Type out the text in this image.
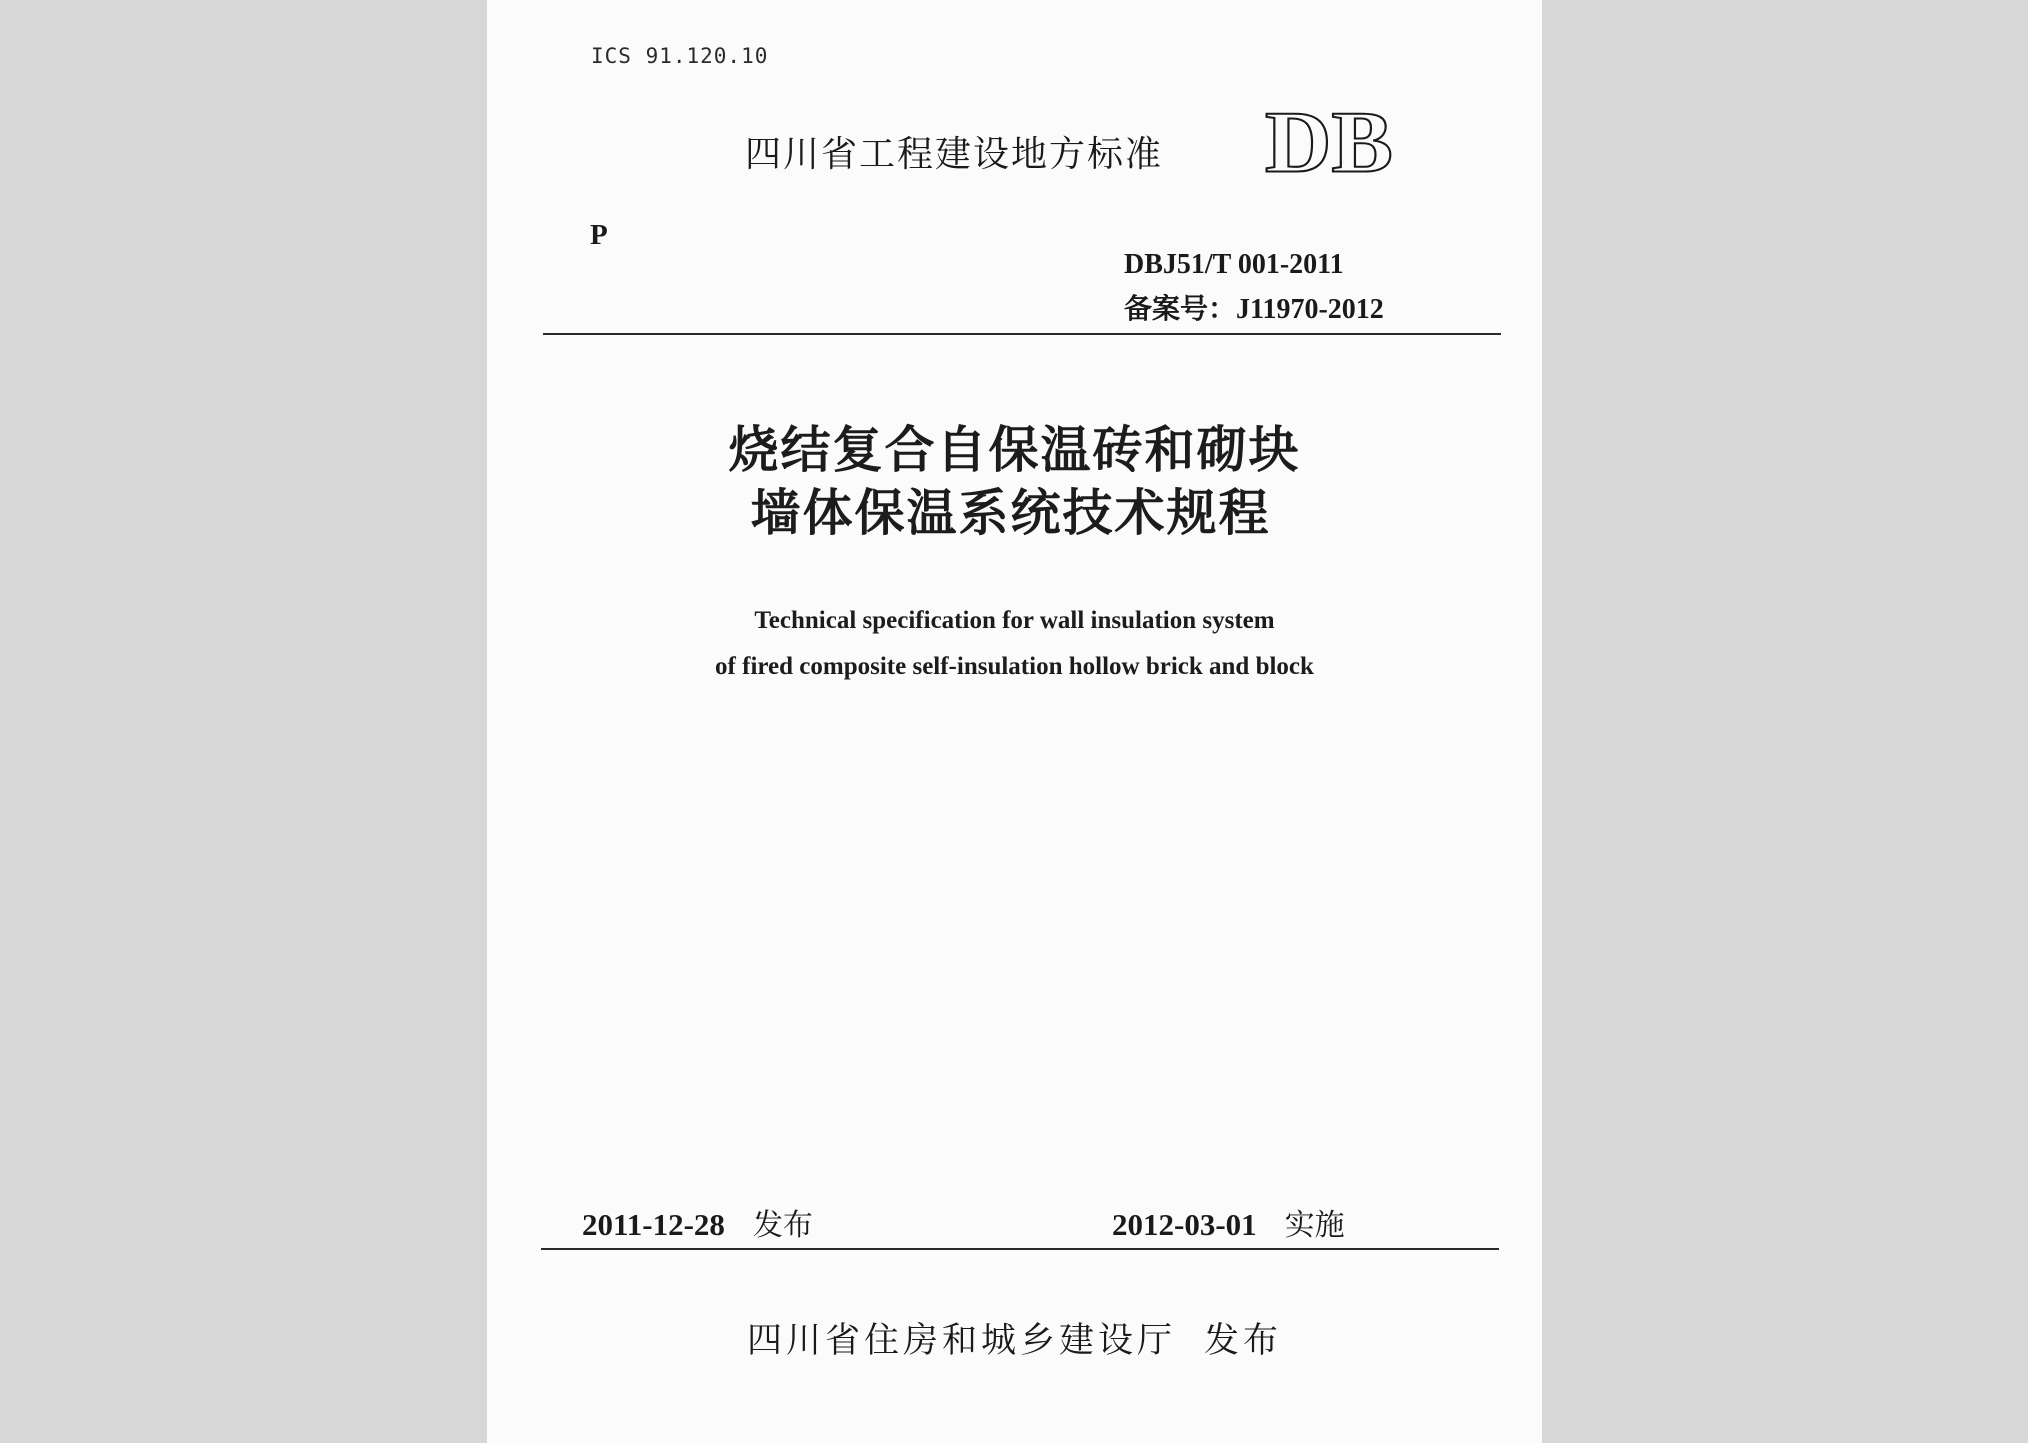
ICS 91.120.10
四川省工程建设地方标准 DB
P
DBJ51/T 001-2011
备案号：J11970-2012
烧结复合自保温砖和砌块
墙体保温系统技术规程
Technical specification for wall insulation system
of fired composite self-insulation hollow brick and block
2011-12-28 发布	2012-03-01 实施
四川省住房和城乡建设厅 发布
